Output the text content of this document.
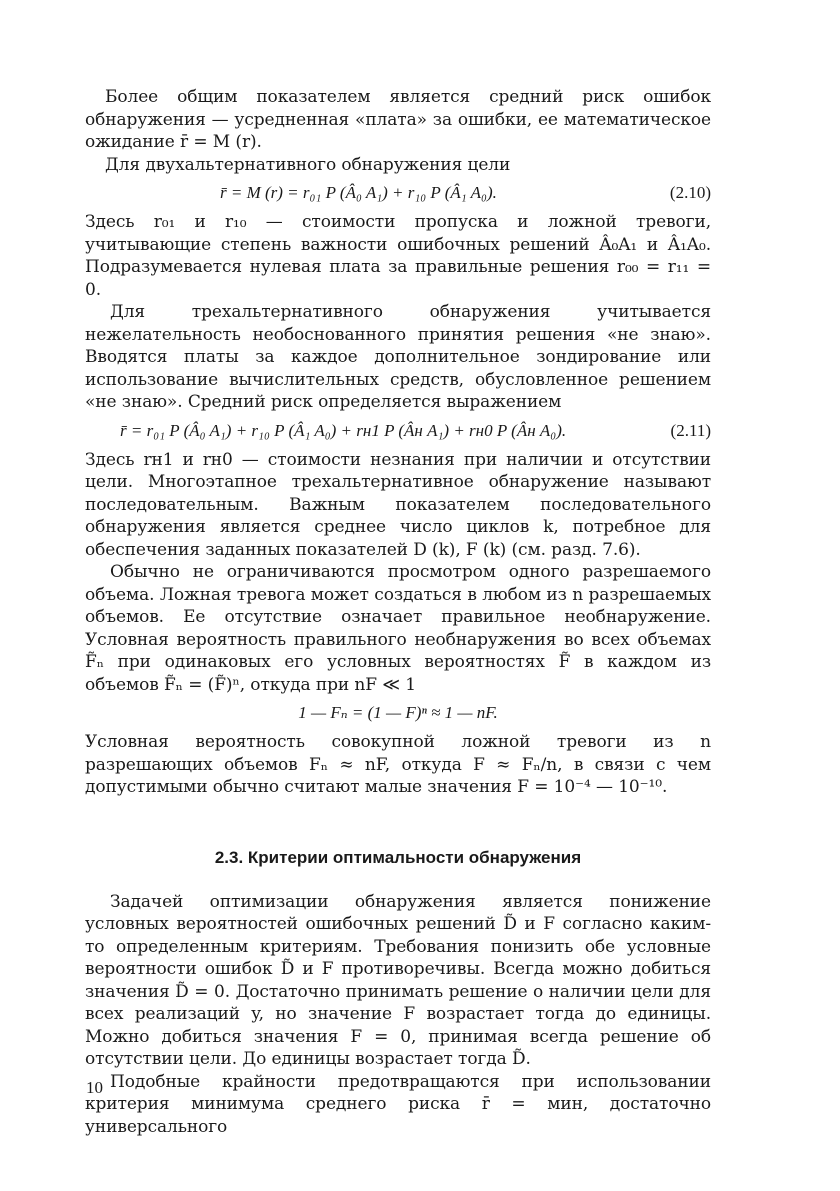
Более общим показателем является средний риск ошибок обнаружения — усредненная «плата» за ошибки, ее математическое ожидание r̄ = M (r).

Для двухальтернативного обнаружения цели

r̄ = M (r) = r₀₁ P (Â₀ A₁) + r₁₀ P (Â₁ A₀).	(2.10)

Здесь r₀₁ и r₁₀ — стоимости пропуска и ложной тревоги, учитывающие степень важности ошибочных решений Â₀A₁ и Â₁A₀. Подразумевается нулевая плата за правильные решения r₀₀ = r₁₁ = 0.

Для трехальтернативного обнаружения учитывается нежелательность необоснованного принятия решения «не знаю». Вводятся платы за каждое дополнительное зондирование или использование вычислительных средств, обусловленное решением «не знаю». Средний риск определяется выражением

r̄ = r₀₁ P (Â₀ A₁) + r₁₀ P (Â₁ A₀) + rн1 P (Âн A₁) + rн0 P (Âн A₀).	(2.11)

Здесь rн1 и rн0 — стоимости незнания при наличии и отсутствии цели. Многоэтапное трехальтернативное обнаружение называют последовательным. Важным показателем последовательного обнаружения является среднее число циклов k, потребное для обеспечения заданных показателей D (k), F (k) (см. разд. 7.6).

Обычно не ограничиваются просмотром одного разрешаемого объема. Ложная тревога может создаться в любом из n разрешаемых объемов. Ее отсутствие означает правильное необнаружение. Условная вероятность правильного необнаружения во всех объемах F̃ₙ при одинаковых его условных вероятностях F̃ в каждом из объемов F̃ₙ = (F̃)ⁿ, откуда при nF ≪ 1

1 — Fₙ = (1 — F)ⁿ ≈ 1 — nF.

Условная вероятность совокупной ложной тревоги из n разрешающих объемов Fₙ ≈ nF, откуда F ≈ Fₙ/n, в связи с чем допустимыми обычно считают малые значения F = 10⁻⁴ — 10⁻¹⁰.

2.3. Критерии оптимальности обнаружения

Задачей оптимизации обнаружения является понижение условных вероятностей ошибочных решений D̃ и F согласно каким-то определенным критериям. Требования понизить обе условные вероятности ошибок D̃ и F противоречивы. Всегда можно добиться значения D̃ = 0. Достаточно принимать решение о наличии цели для всех реализаций y, но значение F возрастает тогда до единицы. Можно добиться значения F = 0, принимая всегда решение об отсутствии цели. До единицы возрастает тогда D̃.

Подобные крайности предотвращаются при использовании критерия минимума среднего риска r̄ = мин, достаточно универсального

10
